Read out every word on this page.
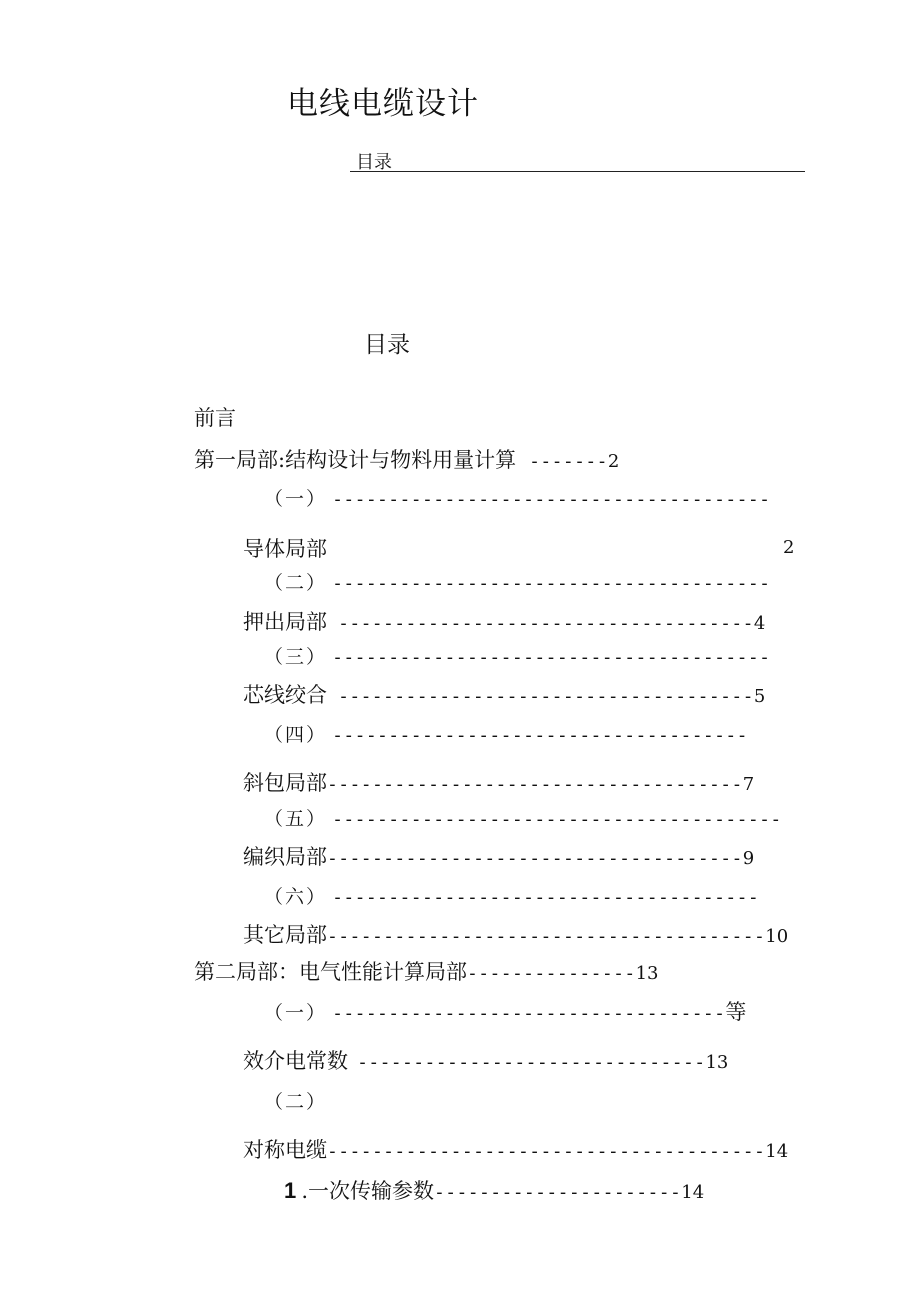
电线电缆设计
目录
目录
前言
第一局部:结构设计与物料用量计算 -------2
（一） ---------------------------------------
导体局部	2
（二） ---------------------------------------
押出局部 -------------------------------------4
（三） ---------------------------------------
芯线绞合 -------------------------------------5
（四） -------------------------------------
斜包局部-------------------------------------7
（五） ----------------------------------------
编织局部-------------------------------------9
（六） --------------------------------------
其它局部---------------------------------------10
第二局部：电气性能计算局部---------------13
（一） -----------------------------------等
效介电常数 -------------------------------13
（二）
对称电缆---------------------------------------14
1 .一次传输参数----------------------14
